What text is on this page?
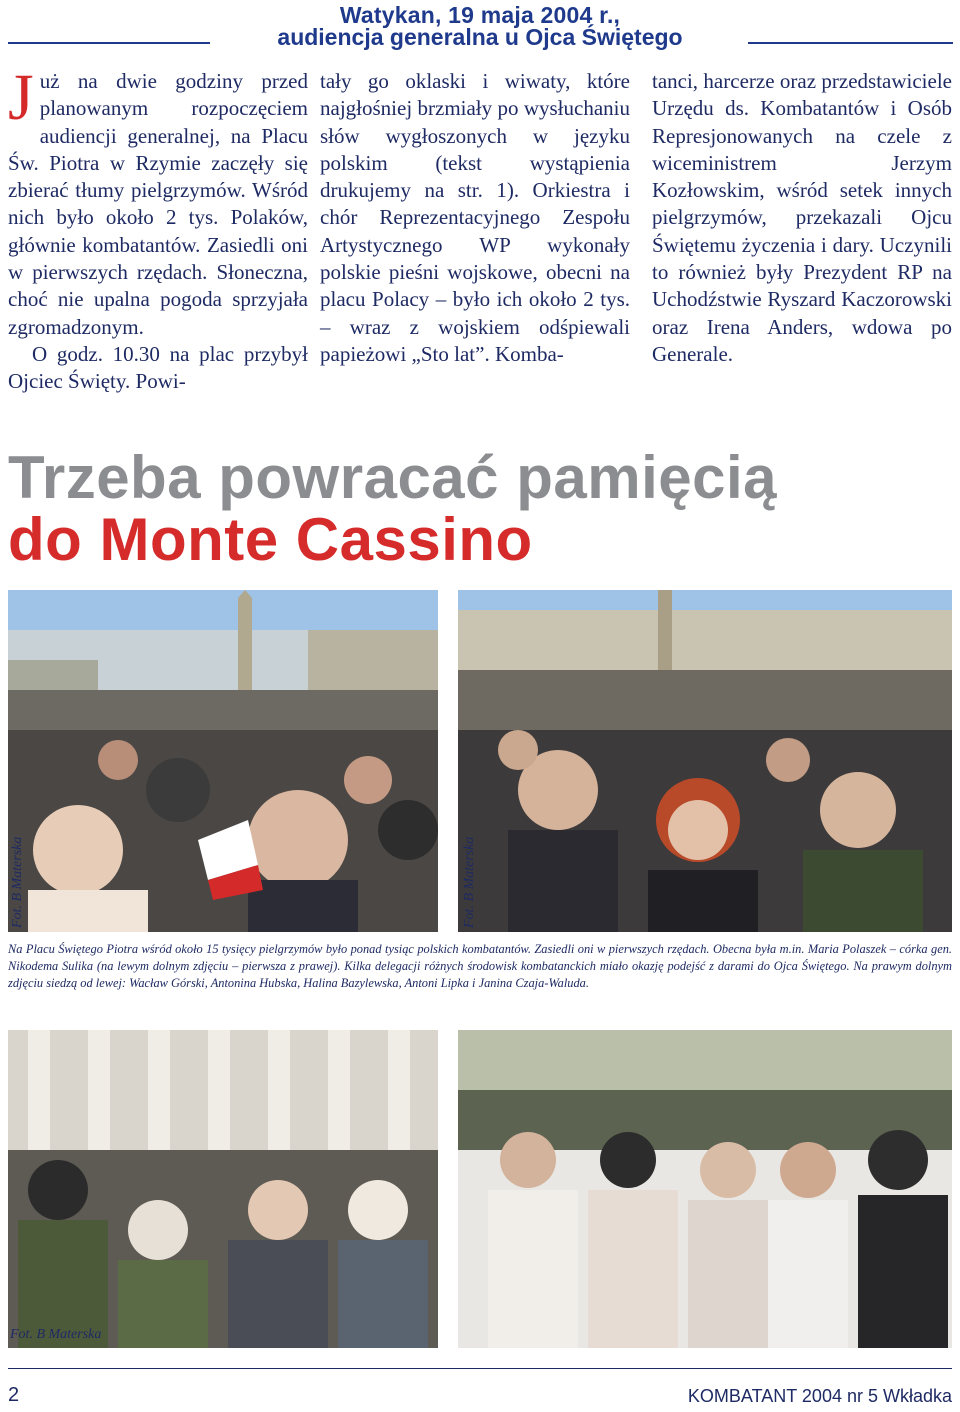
Watykan, 19 maja 2004 r.,
audiencja generalna u Ojca Świętego

Już na dwie godziny przed planowanym rozpoczęciem audiencji generalnej, na Placu Św. Piotra w Rzymie zaczęły się zbierać tłumy pielgrzymów. Wśród nich było około 2 tys. Polaków, głównie kombatantów. Zasiedli oni w pierwszych rzędach. Słoneczna, choć nie upalna pogoda sprzyjała zgromadzonym.

O godz. 10.30 na plac przybył Ojciec Święty. Powi-

tały go oklaski i wiwaty, które najgłośniej brzmiały po wysłuchaniu słów wygłoszonych w języku polskim (tekst wystąpienia drukujemy na str. 1). Orkiestra i chór Reprezentacyjnego Zespołu Artystycznego WP wykonały polskie pieśni wojskowe, obecni na placu Polacy – było ich około 2 tys. – wraz z wojskiem odśpiewali papieżowi „Sto lat”. Komba-

tanci, harcerze oraz przedstawiciele Urzędu ds. Kombatantów i Osób Represjonowanych na czele z wiceministrem Jerzym Kozłowskim, wśród setek innych pielgrzymów, przekazali Ojcu Świętemu życzenia i dary. Uczynili to również były Prezydent RP na Uchodźstwie Ryszard Kaczorowski oraz Irena Anders, wdowa po Generale.

Trzeba powracać pamięcią
do Monte Cassino
Fot. B Materska	Fot. B Materska
Na Placu Świętego Piotra wśród około 15 tysięcy pielgrzymów było ponad tysiąc polskich kombatantów. Zasiedli oni w pierwszych rzędach. Obecna była m.in. Maria Polaszek – córka gen. Nikodema Sulika (na lewym dolnym zdjęciu – pierwsza z prawej). Kilka delegacji różnych środowisk kombatanckich miało okazję podejść z darami do Ojca Świętego. Na prawym dolnym zdjęciu siedzą od lewej: Wacław Górski, Antonina Hubska, Halina Bazylewska, Antoni Lipka i Janina Czaja-Waluda.
Fot. B Materska
2	KOMBATANT 2004 nr 5 Wkładka
